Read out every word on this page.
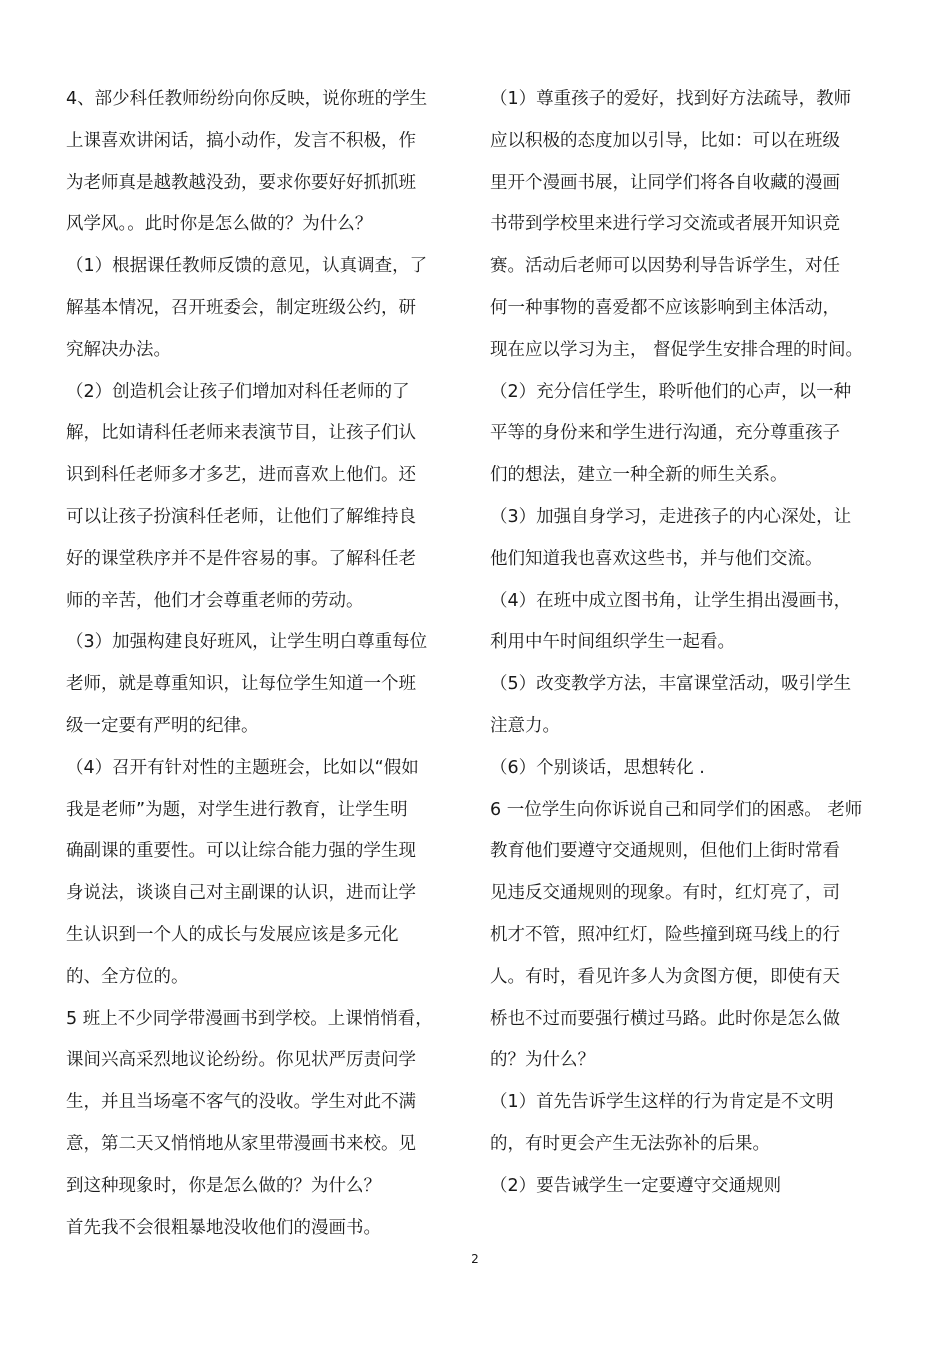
4、部少科任教师纷纷向你反映，说你班的学生
上课喜欢讲闲话，搞小动作，发言不积极，作
为老师真是越教越没劲，要求你要好好抓抓班
风学风。。此时你是怎么做的？为什么？
（1）根据课任教师反馈的意见，认真调查，了
解基本情况，召开班委会，制定班级公约，研
究解决办法。
（2）创造机会让孩子们增加对科任老师的了
解，比如请科任老师来表演节目，让孩子们认
识到科任老师多才多艺，进而喜欢上他们。还
可以让孩子扮演科任老师，让他们了解维持良
好的课堂秩序并不是件容易的事。了解科任老
师的辛苦，他们才会尊重老师的劳动。
（3）加强构建良好班风，让学生明白尊重每位
老师，就是尊重知识，让每位学生知道一个班
级一定要有严明的纪律。
（4）召开有针对性的主题班会，比如以“假如
我是老师”为题，对学生进行教育，让学生明
确副课的重要性。可以让综合能力强的学生现
身说法，谈谈自己对主副课的认识，进而让学
生认识到一个人的成长与发展应该是多元化
的、全方位的。
5 班上不少同学带漫画书到学校。上课悄悄看，
课间兴高采烈地议论纷纷。你见状严厉责问学
生，并且当场毫不客气的没收。学生对此不满
意，第二天又悄悄地从家里带漫画书来校。见
到这种现象时，你是怎么做的？为什么？
首先我不会很粗暴地没收他们的漫画书。
（1）尊重孩子的爱好，找到好方法疏导，教师
应以积极的态度加以引导，比如：可以在班级
里开个漫画书展，让同学们将各自收藏的漫画
书带到学校里来进行学习交流或者展开知识竞
赛。活动后老师可以因势利导告诉学生，对任
何一种事物的喜爱都不应该影响到主体活动，
现在应以学习为主， 督促学生安排合理的时间。
（2）充分信任学生，聆听他们的心声，以一种
平等的身份来和学生进行沟通，充分尊重孩子
们的想法，建立一种全新的师生关系。
（3）加强自身学习，走进孩子的内心深处，让
他们知道我也喜欢这些书，并与他们交流。
（4）在班中成立图书角，让学生捐出漫画书，
利用中午时间组织学生一起看。
（5）改变教学方法，丰富课堂活动，吸引学生
注意力。
（6）个别谈话，思想转化 .
6 一位学生向你诉说自己和同学们的困惑。 老师
教育他们要遵守交通规则，但他们上街时常看
见违反交通规则的现象。有时，红灯亮了，司
机才不管，照冲红灯，险些撞到斑马线上的行
人。有时，看见许多人为贪图方便，即使有天
桥也不过而要强行横过马路。此时你是怎么做
的？为什么？
（1）首先告诉学生这样的行为肯定是不文明
的，有时更会产生无法弥补的后果。
（2）要告诫学生一定要遵守交通规则
2
